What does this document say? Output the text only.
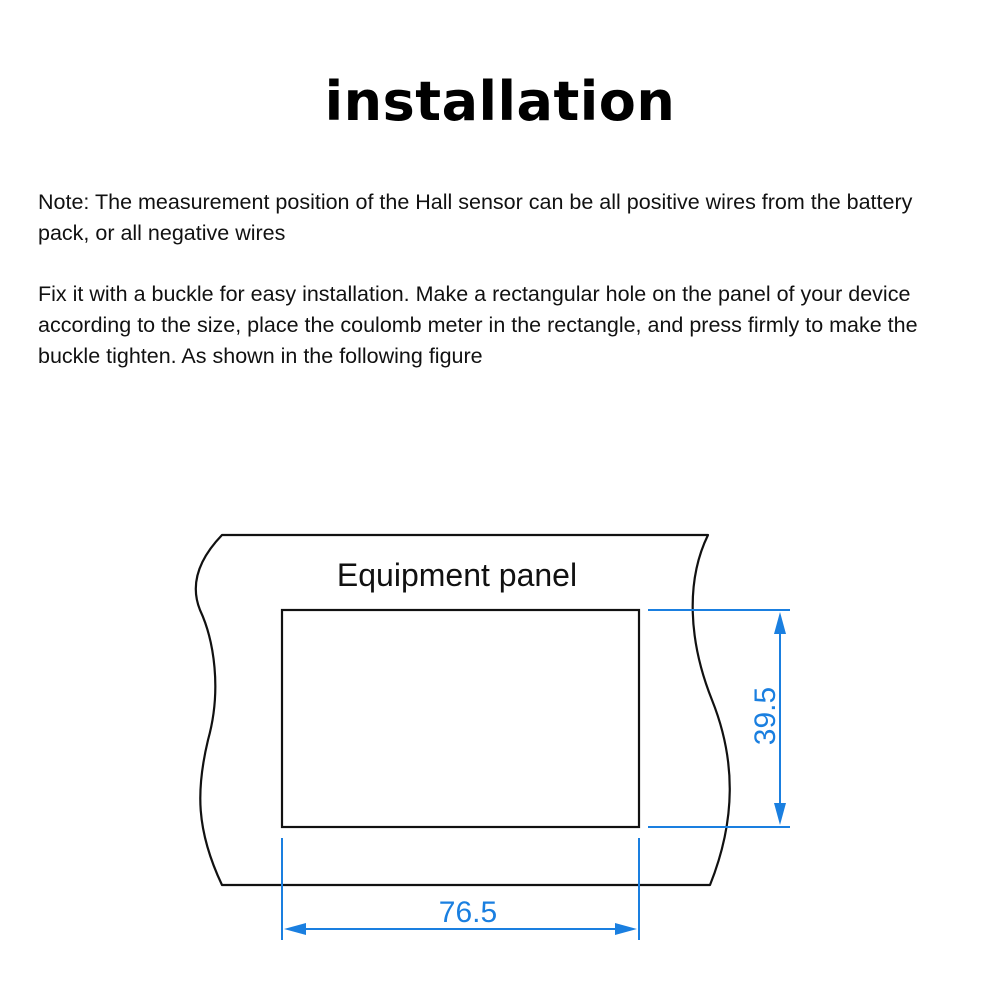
installation

Note: The measurement position of the Hall sensor can be all positive wires from the battery pack, or all negative wires

Fix it with a buckle for easy installation. Make a rectangular hole on the panel of your device according to the size, place the coulomb meter in the rectangle, and press firmly to make the buckle tighten. As shown in the following figure

Equipment panel
39.5
76.5
